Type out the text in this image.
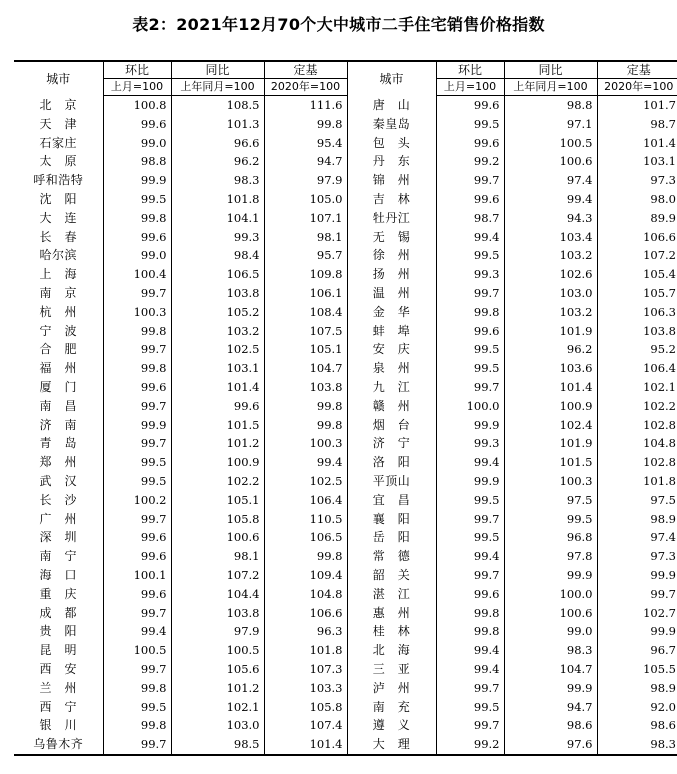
表2：2021年12月70个大中城市二手住宅销售价格指数
城市	环比	同比	定基	城市	环比	同比	定基
	上月=100	上年同月=100	2020年=100		上月=100	上年同月=100	2020年=100
北　京	100.8	108.5	111.6	唐　山	99.6	98.8	101.7
天　津	99.6	101.3	99.8	秦皇岛	99.5	97.1	98.7
石家庄	99.0	96.6	95.4	包　头	99.6	100.5	101.4
太　原	98.8	96.2	94.7	丹　东	99.2	100.6	103.1
呼和浩特	99.9	98.3	97.9	锦　州	99.7	97.4	97.3
沈　阳	99.5	101.8	105.0	吉　林	99.6	99.4	98.0
大　连	99.8	104.1	107.1	牡丹江	98.7	94.3	89.9
长　春	99.6	99.3	98.1	无　锡	99.4	103.4	106.6
哈尔滨	99.0	98.4	95.7	徐　州	99.5	103.2	107.2
上　海	100.4	106.5	109.8	扬　州	99.3	102.6	105.4
南　京	99.7	103.8	106.1	温　州	99.7	103.0	105.7
杭　州	100.3	105.2	108.4	金　华	99.8	103.2	106.3
宁　波	99.8	103.2	107.5	蚌　埠	99.6	101.9	103.8
合　肥	99.7	102.5	105.1	安　庆	99.5	96.2	95.2
福　州	99.8	103.1	104.7	泉　州	99.5	103.6	106.4
厦　门	99.6	101.4	103.8	九　江	99.7	101.4	102.1
南　昌	99.7	99.6	99.8	赣　州	100.0	100.9	102.2
济　南	99.9	101.5	99.8	烟　台	99.9	102.4	102.8
青　岛	99.7	101.2	100.3	济　宁	99.3	101.9	104.8
郑　州	99.5	100.9	99.4	洛　阳	99.4	101.5	102.8
武　汉	99.5	102.2	102.5	平顶山	99.9	100.3	101.8
长　沙	100.2	105.1	106.4	宜　昌	99.5	97.5	97.5
广　州	99.7	105.8	110.5	襄　阳	99.7	99.5	98.9
深　圳	99.6	100.6	106.5	岳　阳	99.5	96.8	97.4
南　宁	99.6	98.1	99.8	常　德	99.4	97.8	97.3
海　口	100.1	107.2	109.4	韶　关	99.7	99.9	99.9
重　庆	99.6	104.4	104.8	湛　江	99.6	100.0	99.7
成　都	99.7	103.8	106.6	惠　州	99.8	100.6	102.7
贵　阳	99.4	97.9	96.3	桂　林	99.8	99.0	99.9
昆　明	100.5	100.5	101.8	北　海	99.4	98.3	96.7
西　安	99.7	105.6	107.3	三　亚	99.4	104.7	105.5
兰　州	99.8	101.2	103.3	泸　州	99.7	99.9	98.9
西　宁	99.5	102.1	105.8	南　充	99.5	94.7	92.0
银　川	99.8	103.0	107.4	遵　义	99.7	98.6	98.6
乌鲁木齐	99.7	98.5	101.4	大　理	99.2	97.6	98.3
